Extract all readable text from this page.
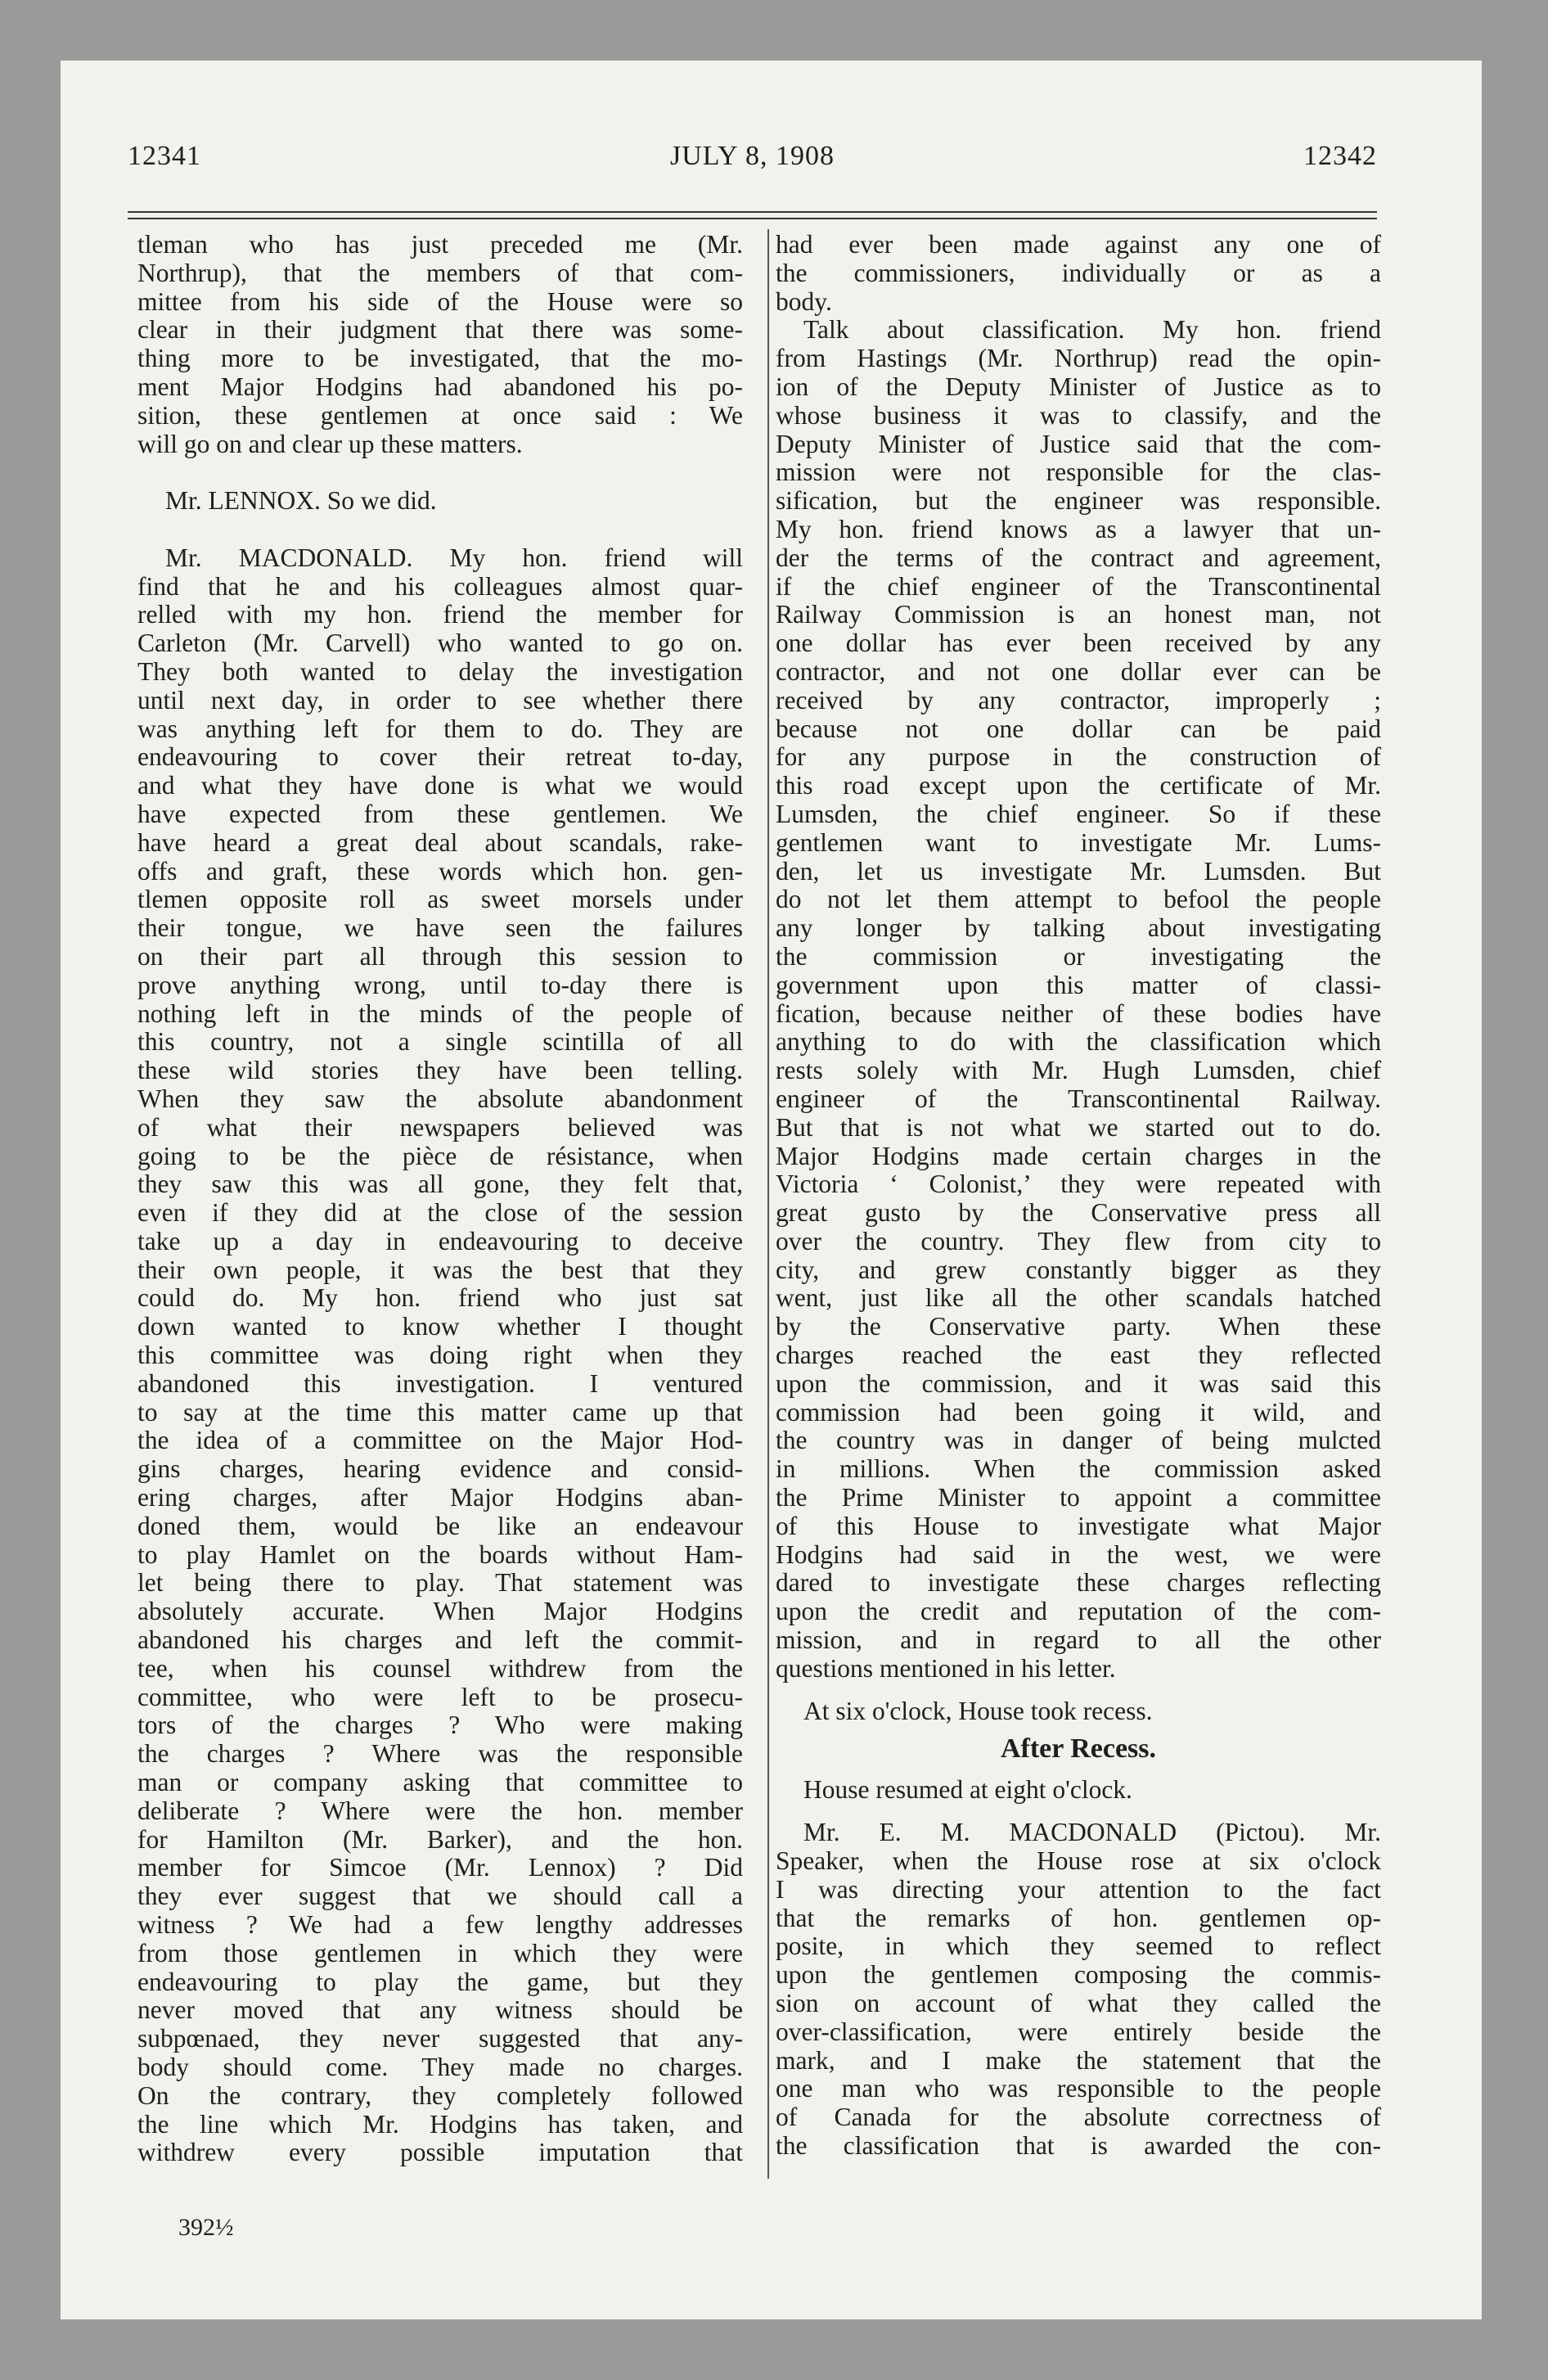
12341	JULY 8, 1908	12342
tleman who has just preceded me (Mr.
Northrup), that the members of that com-
mittee from his side of the House were so
clear in their judgment that there was some-
thing more to be investigated, that the mo-
ment Major Hodgins had abandoned his po-
sition, these gentlemen at once said : We
will go on and clear up these matters.
Mr. LENNOX. So we did.
Mr. MACDONALD. My hon. friend will
find that he and his colleagues almost quar-
relled with my hon. friend the member for
Carleton (Mr. Carvell) who wanted to go on.
They both wanted to delay the investigation
until next day, in order to see whether there
was anything left for them to do. They are
endeavouring to cover their retreat to-day,
and what they have done is what we would
have expected from these gentlemen. We
have heard a great deal about scandals, rake-
offs and graft, these words which hon. gen-
tlemen opposite roll as sweet morsels under
their tongue, we have seen the failures
on their part all through this session to
prove anything wrong, until to-day there is
nothing left in the minds of the people of
this country, not a single scintilla of all
these wild stories they have been telling.
When they saw the absolute abandonment
of what their newspapers believed was
going to be the pièce de résistance, when
they saw this was all gone, they felt that,
even if they did at the close of the session
take up a day in endeavouring to deceive
their own people, it was the best that they
could do. My hon. friend who just sat
down wanted to know whether I thought
this committee was doing right when they
abandoned this investigation. I ventured
to say at the time this matter came up that
the idea of a committee on the Major Hod-
gins charges, hearing evidence and consid-
ering charges, after Major Hodgins aban-
doned them, would be like an endeavour
to play Hamlet on the boards without Ham-
let being there to play. That statement was
absolutely accurate. When Major Hodgins
abandoned his charges and left the commit-
tee, when his counsel withdrew from the
committee, who were left to be prosecu-
tors of the charges ? Who were making
the charges ? Where was the responsible
man or company asking that committee to
deliberate ? Where were the hon. member
for Hamilton (Mr. Barker), and the hon.
member for Simcoe (Mr. Lennox) ? Did
they ever suggest that we should call a
witness ? We had a few lengthy addresses
from those gentlemen in which they were
endeavouring to play the game, but they
never moved that any witness should be
subpœnaed, they never suggested that any-
body should come. They made no charges.
On the contrary, they completely followed
the line which Mr. Hodgins has taken, and
withdrew every possible imputation that
had ever been made against any one of
the commissioners, individually or as a
body.
Talk about classification. My hon. friend
from Hastings (Mr. Northrup) read the opin-
ion of the Deputy Minister of Justice as to
whose business it was to classify, and the
Deputy Minister of Justice said that the com-
mission were not responsible for the clas-
sification, but the engineer was responsible.
My hon. friend knows as a lawyer that un-
der the terms of the contract and agreement,
if the chief engineer of the Transcontinental
Railway Commission is an honest man, not
one dollar has ever been received by any
contractor, and not one dollar ever can be
received by any contractor, improperly ;
because not one dollar can be paid
for any purpose in the construction of
this road except upon the certificate of Mr.
Lumsden, the chief engineer. So if these
gentlemen want to investigate Mr. Lums-
den, let us investigate Mr. Lumsden. But
do not let them attempt to befool the people
any longer by talking about investigating
the commission or investigating the
government upon this matter of classi-
fication, because neither of these bodies have
anything to do with the classification which
rests solely with Mr. Hugh Lumsden, chief
engineer of the Transcontinental Railway.
But that is not what we started out to do.
Major Hodgins made certain charges in the
Victoria ‘ Colonist,’ they were repeated with
great gusto by the Conservative press all
over the country. They flew from city to
city, and grew constantly bigger as they
went, just like all the other scandals hatched
by the Conservative party. When these
charges reached the east they reflected
upon the commission, and it was said this
commission had been going it wild, and
the country was in danger of being mulcted
in millions. When the commission asked
the Prime Minister to appoint a committee
of this House to investigate what Major
Hodgins had said in the west, we were
dared to investigate these charges reflecting
upon the credit and reputation of the com-
mission, and in regard to all the other
questions mentioned in his letter.
At six o'clock, House took recess.
After Recess.
House resumed at eight o'clock.
Mr. E. M. MACDONALD (Pictou). Mr.
Speaker, when the House rose at six o'clock
I was directing your attention to the fact
that the remarks of hon. gentlemen op-
posite, in which they seemed to reflect
upon the gentlemen composing the commis-
sion on account of what they called the
over-classification, were entirely beside the
mark, and I make the statement that the
one man who was responsible to the people
of Canada for the absolute correctness of
the classification that is awarded the con-
392½
